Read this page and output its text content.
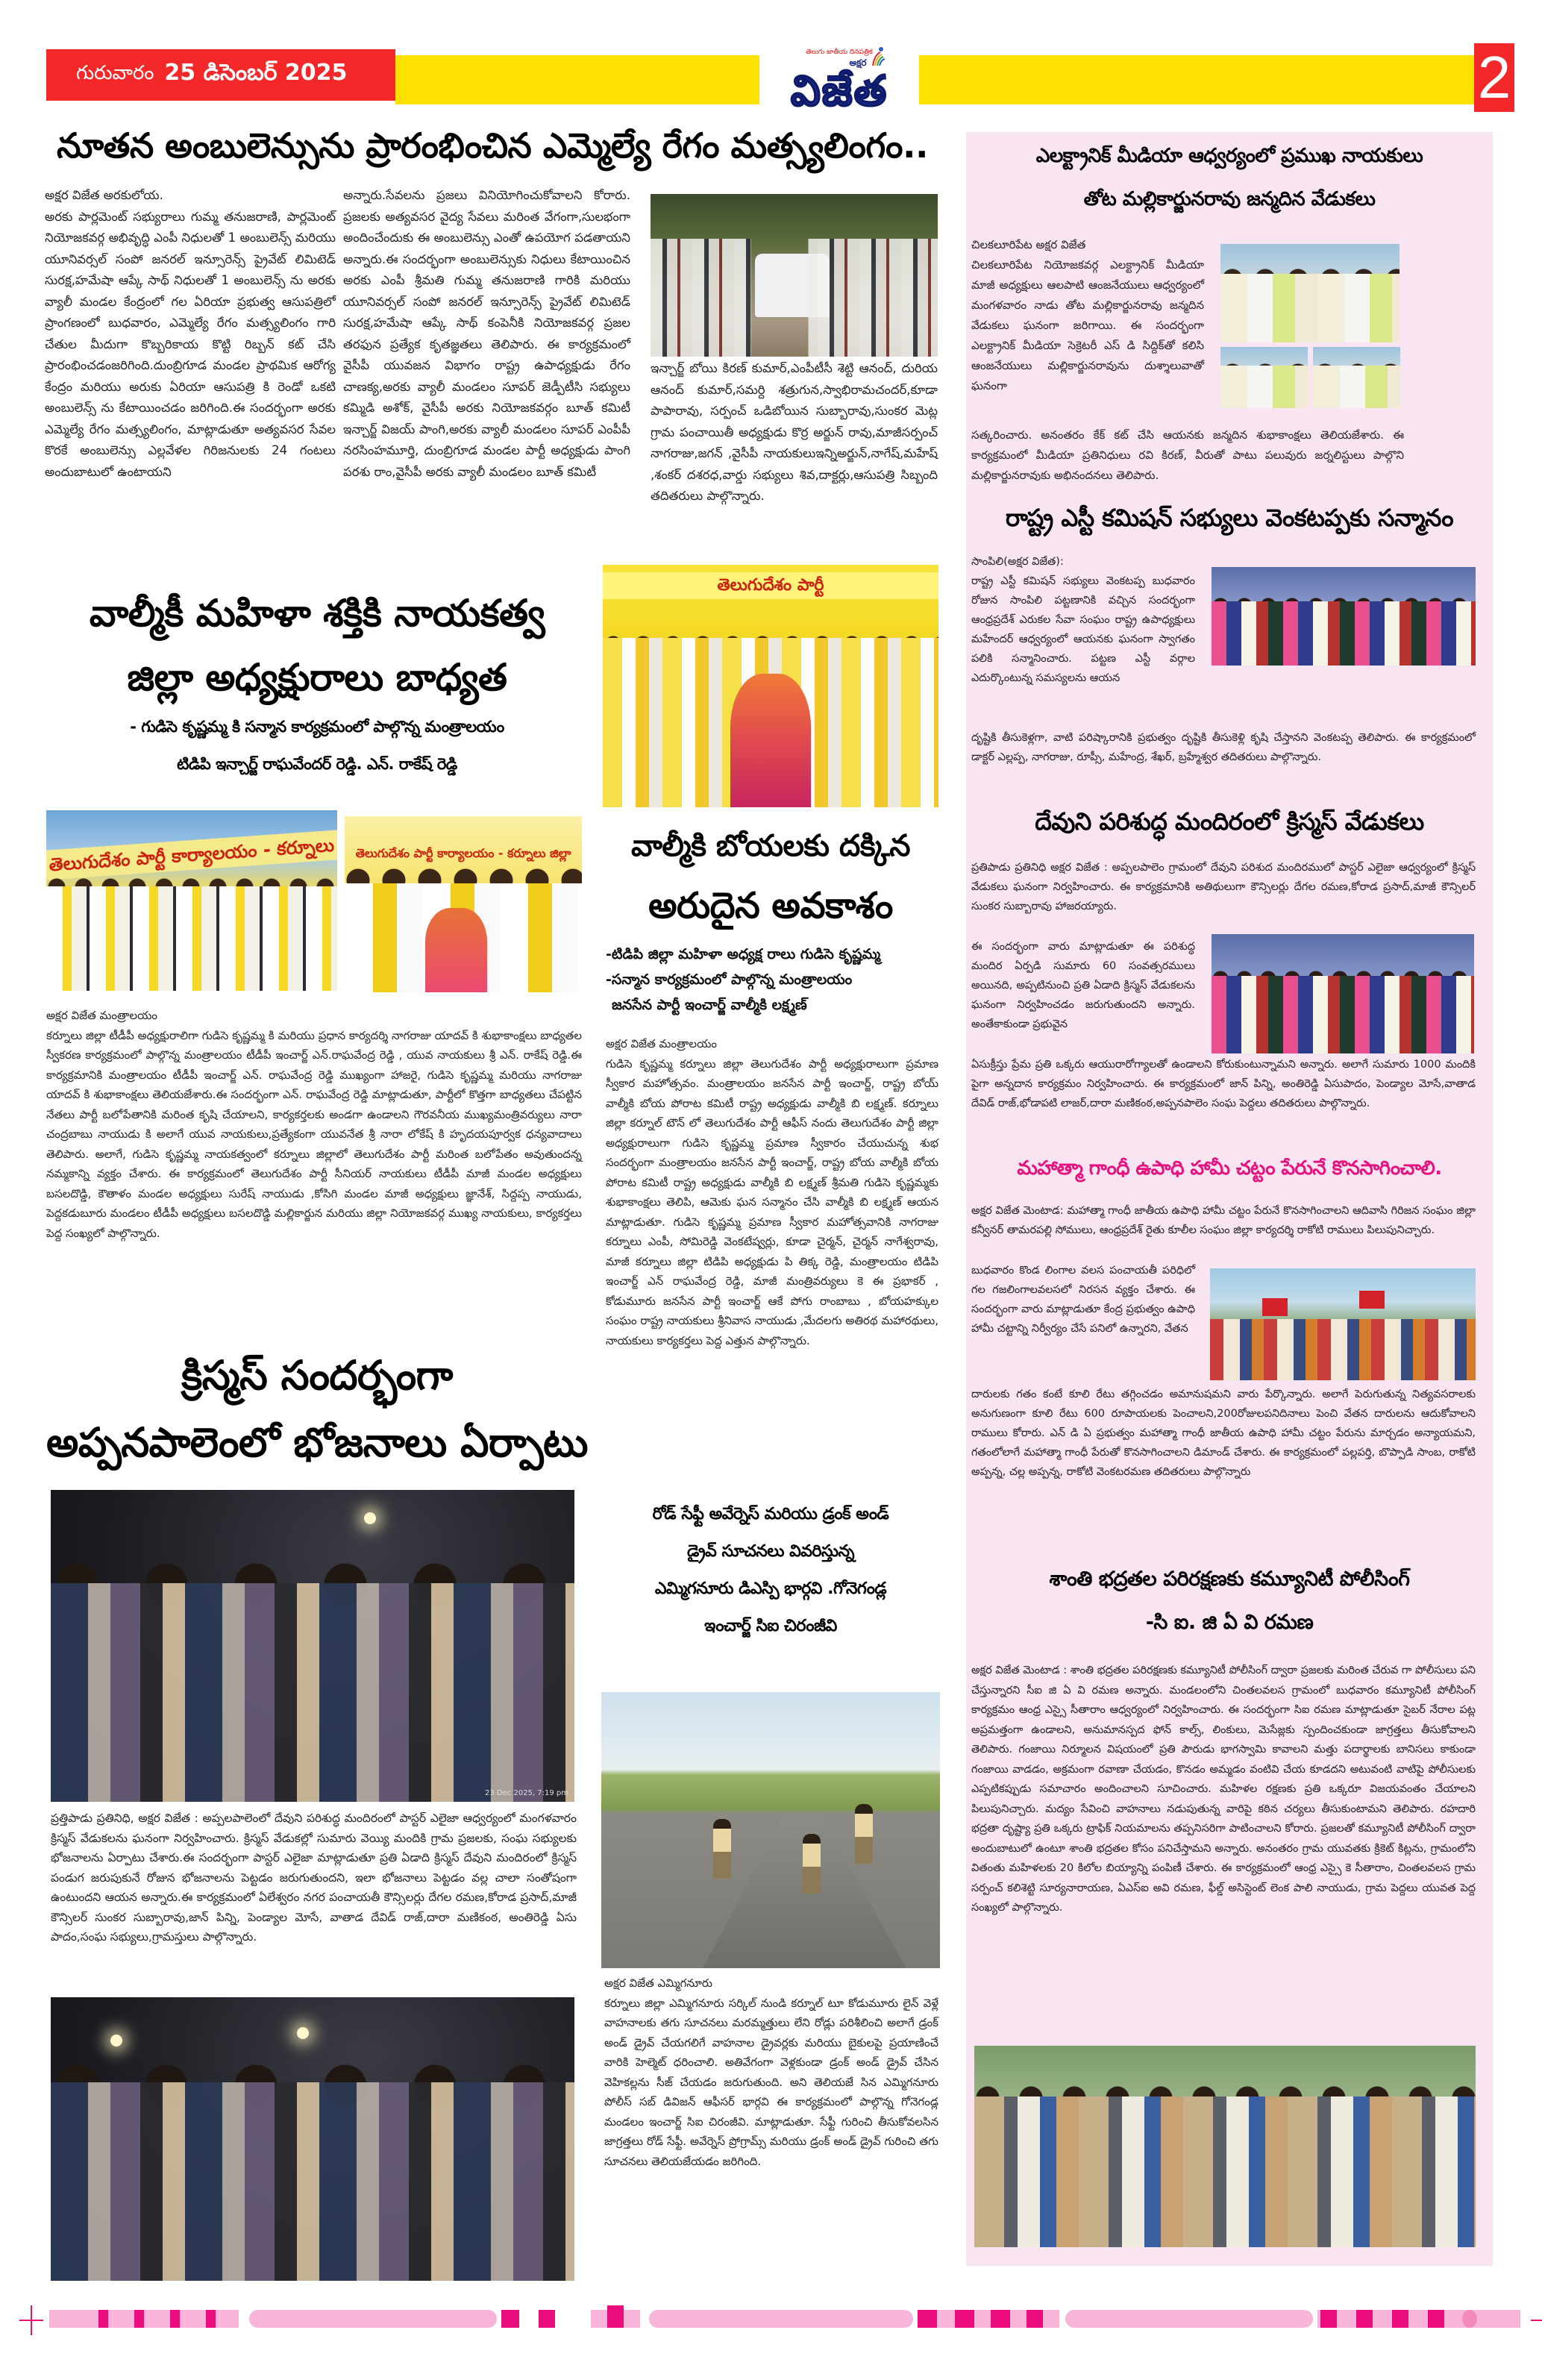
గురువారం 25 డిసెంబర్ 2025
తెలుగు జాతీయ దినపత్రిక
అక్షర
విజేత	2
నూతన అంబులెన్సును ప్రారంభించిన ఎమ్మెల్యే రేగం మత్స్యలింగం..
అక్షర విజేత అరకులోయ.

అరకు పార్లమెంట్ సభ్యురాలు గుమ్మ తనుజరాణి, పార్లమెంట్ నియోజకవర్గ అభివృద్ధి ఎంపీ నిధులతో 1 అంబులెన్స్ మరియు యూనివర్సల్ సంపో జనరల్ ఇన్సూరెన్స్ ప్రైవేట్ లిమిటెడ్ సురక్ష,హమేషా ఆప్కే సాథ్ నిధులతో 1 అంబులెన్స్ ను అరకు వ్యాలీ మండల కేంద్రంలో గల ఏరియా ప్రభుత్వ ఆసుపత్రిలో ప్రాంగణంలో బుధవారం, ఎమ్మెల్యే రేగం మత్స్యలింగం గారి చేతుల మీదుగా కొబ్బరికాయ కొట్టి రిబ్బన్ కట్ చేసి ప్రారంభించడంజరిగింది.దుంబ్రిగూడ మండల ప్రాథమిక ఆరోగ్య కేంద్రం మరియు అరుకు ఏరియా ఆసుపత్రి కి రెండో ఒకటి అంబులెన్స్ ను కేటాయించడం జరిగింది.ఈ సందర్భంగా అరకు ఎమ్మెల్యే రేగం మత్స్యలింగం, మాట్లాడుతూ అత్యవసర సేవల కొరకే అంబులెన్సు ఎల్లవేళల గిరిజనులకు 24 గంటలు అందుబాటులో ఉంటాయని

అన్నారు.సేవలను ప్రజలు వినియోగించుకోవాలని కోరారు. ప్రజలకు అత్యవసర వైద్య సేవలు మరింత వేగంగా,సులభంగా అందించేందుకు ఈ అంబులెన్సు ఎంతో ఉపయోగ పడతాయని అన్నారు.ఈ సందర్భంగా అంబులెన్సుకు నిధులు కేటాయించిన అరకు ఎంపీ శ్రీమతి గుమ్మ తనుజరాణి గారికి మరియు యూనివర్సల్ సంపో జనరల్ ఇన్సూరెన్స్ ప్రైవేట్ లిమిటెడ్ సురక్ష,హమేషా ఆప్కే సాథ్ కంపెనీకి నియోజకవర్గ ప్రజల తరఫున ప్రత్యేక కృతజ్ఞతలు తెలిపారు. ఈ కార్యక్రమంలో వైసీపీ యువజన విభాగం రాష్ట్ర ఉపాధ్యక్షుడు రేగం చాణక్య,అరకు వ్యాలీ మండలం సూపర్ జెడ్పీటీసి సభ్యులు కమ్మిడి అశోక్, వైసీపీ అరకు నియోజకవర్గం బూత్ కమిటీ ఇన్చార్జ్ విజయ్ పాంగి,అరకు వ్యాలీ మండలం సూపర్ ఎంపీపీ నరసింహమూర్తి, దుంబ్రిగూడ మండల పార్టీ అధ్యక్షుడు పాంగి పరశు రాం,వైసీపీ అరకు వ్యాలీ మండలం బూత్ కమిటీ

ఇన్చార్జ్ బోయి కిరణ్ కుమార్,ఎంపీటీసీ శెట్టి ఆనంద్, దురియ ఆనంద్ కుమార్,సమర్ది శత్రుగున,స్వాభిరామచందర్,కూడా పాపారావు, సర్పంచ్ ఒడిబోయిన సుబ్బారావు,సుంకర మెట్ల గ్రామ పంచాయితీ అధ్యక్షుడు కొర్ర అర్జున్ రావు,మాజీసర్పంచ్ నాగరాజు,జగన్ ,వైసీపీ నాయకులుఇన్నిఅర్జున్,నాగేష్,మహేష్ ,శంకర్ దశరధ,వార్డు సభ్యులు శివ,దాక్టర్లు,ఆసుపత్రి సిబ్బంది తదితరులు పాల్గొన్నారు.

వాల్మీకీ మహిళా శక్తికి నాయకత్వ
జిల్లా అధ్యక్షురాలు బాధ్యత
- గుడిసె కృష్ణమ్మ కి సన్మాన కార్యక్రమంలో పాల్గొన్న మంత్రాలయం
టిడిపి ఇన్చార్జ్ రాఘవేందర్ రెడ్డి. ఎన్. రాకేష్ రెడ్డి
తెలుగుదేశం పార్టీ కార్యాలయం - కర్నూలు	తెలుగుదేశం పార్టీ కార్యాలయం - కర్నూలు జిల్లా
అక్షర విజేత మంత్రాలయం

కర్నూలు జిల్లా టీడీపీ అధ్యక్షురాలిగా గుడిసె కృష్ణమ్మ కి మరియు ప్రధాన కార్యదర్శి నాగరాజు యాదవ్ కి శుభాకాంక్షలు బాధ్యతల స్వీకరణ కార్యక్రమంలో పాల్గొన్న మంత్రాలయం టీడీపీ ఇంచార్జ్ ఎన్.రాఘవేంద్ర రెడ్డి , యువ నాయకులు శ్రీ ఎన్. రాకేష్ రెడ్డి.ఈ కార్యక్రమానికి మంత్రాలయం టీడీపీ ఇంచార్జ్ ఎన్. రాఘవేంద్ర రెడ్డి ముఖ్యంగా హాజరై, గుడిసె కృష్ణమ్మ మరియు నాగరాజు యాదవ్ కి శుభాకాంక్షలు తెలియజేశారు.ఈ సందర్భంగా ఎన్. రాఘవేంద్ర రెడ్డి మాట్లాడుతూ, పార్టీలో కొత్తగా బాధ్యతలు చేపట్టిన నేతలు పార్టీ బలోపేతానికి మరింత కృషి చేయాలని, కార్యకర్తలకు అండగా ఉండాలని గౌరవనీయ ముఖ్యమంత్రివర్యులు నారా చంద్రబాబు నాయుడు కి అలాగే యువ నాయకులు,ప్రత్యేకంగా యువనేత శ్రీ నారా లోకేష్ కి హృదయపూర్వక ధన్యవాదాలు తెలిపారు. అలాగే, గుడిసె కృష్ణమ్మ నాయకత్వంలో కర్నూలు జిల్లాలో తెలుగుదేశం పార్టీ మరింత బలోపేతం అవుతుందన్న నమ్మకాన్ని వ్యక్తం చేశారు. ఈ కార్యక్రమంలో తెలుగుదేశం పార్టీ సీనియర్ నాయకులు టీడీపీ మాజీ మండల అధ్యక్షులు బసలదొడ్డి, కౌతాళం మండల అధ్యక్షులు సురేష్ నాయుడు ,కోసిగి మండల మాజీ అధ్యక్షులు జ్ఞానేశ్, సిద్దప్ప నాయుడు, పెద్దకడుబూరు మండలం టీడీపీ అధ్యక్షులు బసలదొడ్డి మల్లికార్జున మరియు జిల్లా నియోజకవర్గ ముఖ్య నాయకులు, కార్యకర్తలు పెద్ద సంఖ్యలో పాల్గొన్నారు.

క్రిస్మస్ సందర్భంగా
అప్పనపాలెంలో భోజనాలు ఏర్పాటు
23 Dec 2025, 7:19 pm

ప్రత్తిపాడు ప్రతినిధి, అక్షర విజేత : అప్పలపాలెంలో దేవుని పరిశుద్ధ మందిరంలో పాస్టర్ ఎలైజా ఆధ్వర్యంలో మంగళవారం క్రిస్మస్ వేడుకలను ఘనంగా నిర్వహించారు. క్రిస్మస్ వేడుకల్లో సుమారు వెయ్యి మందికి గ్రామ ప్రజలకు, సంఘ సభ్యులకు భోజనాలను ఏర్పాటు చేశారు.ఈ సందర్భంగా పాస్టర్ ఎలైజా మాట్లాడుతూ ప్రతి ఏడాది క్రిస్మస్ దేవుని మందిరంలో క్రిస్మస్ పండుగ జరుపుకునే రోజున భోజనాలను పెట్టడం జరుగుతుందని, ఇలా భోజనాలు పెట్టడం వల్ల చాలా సంతోషంగా ఉంటుందని ఆయన అన్నారు.ఈ కార్యక్రమంలో ఏలేశ్వరం నగర పంచాయతీ కౌన్సిలర్లు దేగల రమణ,కోరాడ ప్రసాద్,మాజీ కౌన్సిలర్ సుంకర సుబ్బారావు,జాన్ పిన్ని, పెండ్యాల మోసే, వాతాడ దేవిడ్ రాజ్,దారా మణికంఠ, అంతిరెడ్డి ఏసు పాదం,సంఘ సభ్యులు,గ్రామస్తులు పాల్గొన్నారు.

తెలుగుదేశం పార్టీ
వాల్మీకి బోయలకు దక్కిన
అరుదైన అవకాశం
-టిడిపి జిల్లా మహిళా అధ్యక్ష రాలు గుడిసె కృష్ణమ్మ
-సన్మాన కార్యక్రమంలో పాల్గొన్న మంత్రాలయం
జనసేన పార్టీ ఇంచార్జ్ వాల్మీకి లక్ష్మణ్
అక్షర విజేత మంత్రాలయం

గుడిసె కృష్ణమ్మ కర్నూలు జిల్లా తెలుగుదేశం పార్టీ అధ్యక్షురాలుగా ప్రమాణ స్వీకార మహోత్సవం. మంత్రాలయం జనసేన పార్టీ ఇంచార్జ్, రాష్ట్ర బోయ్ వాల్మీకి బోయ పోరాట కమిటీ రాష్ట్ర అధ్యక్షుడు వాల్మీకి బి లక్ష్మణ్. కర్నూలు జిల్లా కర్నూల్ టౌన్ లో తెలుగుదేశం పార్టీ ఆఫీస్ నందు తెలుగుదేశం పార్టీ జిల్లా అధ్యక్షురాలుగా గుడిసె కృష్ణమ్మ ప్రమాణ స్వీకారం చేయుచున్న శుభ సందర్భంగా మంత్రాలయం జనసేన పార్టీ ఇంచార్జ్, రాష్ట్ర బోయ వాల్మీకి బోయ పోరాట కమిటీ రాష్ట్ర అధ్యక్షుడు వాల్మీకి బి లక్ష్మణ్ శ్రీమతి గుడిసె కృష్ణమ్మకు శుభాకాంక్షలు తెలిపి, ఆమెకు ఘన సన్మానం చేసి వాల్మీకి బి లక్ష్మణ్ ఆయన మాట్లాడుతూ. గుడిసె కృష్ణమ్మ ప్రమాణ స్వీకార మహోత్సవానికి నాగరాజు కర్నూలు ఎంపీ, సోమిరెడ్డి వెంకటేష్వర్లు, కూడా చైర్మన్, చైర్మన్ నాగేశ్వరావు, మాజీ కర్నూలు జిల్లా టిడిపి అధ్యక్షుడు పి తిక్క రెడ్డి, మంత్రాలయం టిడిపి ఇంచార్జ్ ఎన్ రాఘవేంద్ర రెడ్డి, మాజీ మంత్రివర్యులు కె ఈ ప్రభాకర్ , కోడుమూరు జనసేన పార్టీ ఇంచార్జ్ ఆకే పోగు రాంబాబు , బోయహక్కుల సంఘం రాష్ట్ర నాయకులు శ్రీనివాస నాయుడు ,మేదలగు అతిరథ మహారథులు, నాయకులు కార్యకర్తలు పెద్ద ఎత్తున పాల్గొన్నారు.

రోడ్ సేఫ్టీ అవేర్నెస్ మరియు డ్రంక్ అండ్
డ్రైవ్ సూచనలు వివరిస్తున్న
ఎమ్మిగనూరు డిఎస్పి భార్గవి .గోనెగండ్ల
ఇంచార్జ్ సిఐ చిరంజీవి
అక్షర విజేత ఎమ్మిగనూరు

కర్నూలు జిల్లా ఎమ్మిగనూరు సర్కిల్ నుండి కర్నూల్ టూ కోడుమూరు లైన్ వెళ్లే వాహనాలకు తగు సూచనలు మరమ్మత్తులు లేని రోడ్లు పరిశీలించి అలాగే డ్రంక్ అండ్ డ్రైవ్ చేయగలిగే వాహనాల డ్రైవర్లకు మరియు బైకులపై ప్రయాణించే వారికి హెల్మెట్ ధరించాలి. అతివేగంగా వెళ్లకుండా డ్రంక్ అండ్ డ్రైవ్ చేసిన వెహికల్లను సీజ్ చేయడం జరుగుతుంది. అని తెలియజే సిన ఎమ్మిగనూరు పోలీస్ సబ్ డివిజన్ ఆఫీసర్ భార్గవి ఈ కార్యక్రమంలో పాల్గొన్న గోనెగండ్ల మండలం ఇంచార్జ్ సిఐ చిరంజీవి. మాట్లాడుతూ. సేఫ్టీ గురించి తీసుకోవలసిన జాగ్రత్తలు రోడ్ సేఫ్టీ. అవేర్నెస్ ప్రోగ్రామ్స్ మరియు డ్రంక్ అండ్ డ్రైవ్ గురించి తగు సూచనలు తెలియజేయడం జరిగింది.

ఎలక్ట్రానిక్ మీడియా ఆధ్వర్యంలో ప్రముఖ నాయకులు
తోట మల్లికార్జునరావు జన్మదిన వేడుకలు
చిలకలూరిపేట అక్షర విజేత

చిలకలూరిపేట నియోజకవర్గ ఎలక్ట్రానిక్ మీడియా మాజీ అధ్యక్షులు ఆలపాటి ఆంజనేయులు ఆధ్వర్యంలో మంగళవారం నాడు తోట మల్లికార్జునరావు జన్మదిన వేడుకలు ఘనంగా జరిగాయి. ఈ సందర్భంగా ఎలక్ట్రానిక్ మీడియా సెక్రెటరీ ఎస్ డి సిద్దిక్‌తో కలిసి ఆంజనేయులు మల్లికార్జునరావును దుశ్శాలువాతో ఘనంగా

సత్కరించారు. అనంతరం కేక్ కట్ చేసి ఆయనకు జన్మదిన శుభాకాంక్షలు తెలియజేశారు. ఈ కార్యక్రమంలో మీడియా ప్రతినిధులు రవి కిరణ్, వీరుతో పాటు పలువురు జర్నలిస్టులు పాల్గొని మల్లికార్జునరావుకు అభినందనలు తెలిపారు.

రాష్ట్ర ఎస్టీ కమిషన్ సభ్యులు వెంకటప్పకు సన్మానం
సాంపిలి(అక్షర విజేత):

రాష్ట్ర ఎస్టీ కమిషన్ సభ్యులు వెంకటప్ప బుధవారం రోజున సాంపిలి పట్టణానికి వచ్చిన సందర్భంగా ఆంధ్రప్రదేశ్ ఎరుకల సేవా సంఘం రాష్ట్ర ఉపాధ్యక్షులు మహేందర్ ఆధ్వర్యంలో ఆయనకు ఘనంగా స్వాగతం పలికి సన్మానించారు. పట్టణ ఎస్టీ వర్గాల ఎదుర్కొంటున్న సమస్యలను ఆయన

దృష్టికి తీసుకెళ్లగా, వాటి పరిష్కారానికి ప్రభుత్వం దృష్టికి తీసుకెళ్లి కృషి చేస్తానని వెంకటప్ప తెలిపారు. ఈ కార్యక్రమంలో డాక్టర్ ఎల్లప్ప, నాగరాజు, రూప్సీ, మహేంద్ర, శేఖర్, బ్రహ్మేశ్వర తదితరులు పాల్గొన్నారు.

దేవుని పరిశుద్ధ మందిరంలో క్రిస్మస్ వేడుకలు

ప్రతిపాడు ప్రతినిధి అక్షర విజేత : అప్పలపాలెం గ్రామంలో దేవుని పరిశుద మందిరములో పాస్టర్ ఎలైజా ఆధ్వర్యంలో క్రిస్మస్ వేడుకలు ఘనంగా నిర్వహించారు. ఈ కార్యక్రమానికి అతిథులుగా కౌన్సిలర్లు దేగల రమణ,కోరాడ ప్రసాద్,మాజీ కౌన్సిలర్ సుంకర సుబ్బారావు హాజరయ్యారు.

ఈ సందర్భంగా వారు మాట్లాడుతూ ఈ పరిశుద్ధ మందిర ఏర్పడి సుమారు 60 సంవత్సరములు అయినది, అప్పటినుంచి ప్రతి ఏడాది క్రిస్మస్ వేడుకలను ఘనంగా నిర్వహించడం జరుగుతుందని అన్నారు. అంతేకాకుండా ప్రభువైన

ఏసుక్రీస్తు ప్రేమ ప్రతి ఒక్కరు ఆయురారోగ్యాలతో ఉండాలని కోరుకుంటున్నామని అన్నారు. అలాగే సుమారు 1000 మందికి పైగా అన్నదాన కార్యక్రమం నిర్వహించారు. ఈ కార్యక్రమంలో జాన్ పిన్ని, అంతిరెడ్డి ఏసుపాదం, పెండ్యాల మోసే,వాతాడ దేవిడ్ రాజ్,భోడాపటి లాజర్,దారా మణికంఠ,అప్పనపాలెం సంఘ పెద్దలు తదితరులు పాల్గొన్నారు.

మహాత్మా గాంధీ ఉపాధి హామీ చట్టం పేరునే కొనసాగించాలి.

అక్షర విజేత మెంటాడ: మహాత్మా గాంధీ జాతీయ ఉపాధి హామీ చట్టం పేరునే కొనసాగించాలని ఆదివాసి గిరిజన సంఘం జిల్లా కన్వీనర్ తామరపల్లి సోములు, ఆంధ్రప్రదేశ్ రైతు కూలీల సంఘం జిల్లా కార్యదర్శి రాకోటి రాములు పిలుపునిచ్చారు.

బుధవారం కొండ లింగాల వలస పంచాయతీ పరిధిలో గల గజలింగాలవలసలో నిరసన వ్యక్తం చేశారు. ఈ సందర్భంగా వారు మాట్లాడుతూ కేంద్ర ప్రభుత్వం ఉపాధి హామీ చట్టాన్ని నిర్వీర్యం చేసే పనిలో ఉన్నారని, వేతన

దారులకు గతం కంటే కూలి రేటు తగ్గించడం అమానుషమని వారు పేర్కొన్నారు. అలాగే పెరుగుతున్న నిత్యవసరాలకు అనుగుణంగా కూలి రేటు 600 రూపాయలకు పెంచాలని,200రోజులపనిదినాలు పెంచి వేతన దారులను ఆదుకోవాలని రాములు కోరారు. ఎన్ డి ఏ ప్రభుత్వం మహాత్మా గాంధీ జాతీయ ఉపాధి హామీ చట్టం పేరును మార్చడం అన్యాయమని, గతంలోలాగే మహాత్మా గాంధీ పేరుతో కొనసాగించాలని డిమాండ్ చేశారు. ఈ కార్యక్రమంలో పల్లపర్తి, బొప్పాడి సాంబ, రాకోటి అప్పన్న, చల్ల అప్పన్న, రాకోటి వెంకటరమణ తదితరులు పాల్గొన్నారు

శాంతి భద్రతల పరిరక్షణకు కమ్యూనిటీ పోలీసింగ్
-సి ఐ. జి ఏ వి రమణ

అక్షర విజేత మెంటాడ : శాంతి భద్రతల పరిరక్షణకు కమ్యూనిటీ పోలీసింగ్ ద్వారా ప్రజలకు మరింత చేరువ గా పోలీసులు పని చేస్తున్నారని సీఐ జి ఏ వి రమణ అన్నారు. మండలంలోని చింతలవలస గ్రామంలో బుధవారం కమ్యూనిటీ పోలీసింగ్ కార్యక్రమం ఆంధ్ర ఎస్సై సీతారాం ఆధ్వర్యంలో నిర్వహించారు. ఈ సందర్భంగా సిఐ రమణ మాట్లాడుతూ సైబర్ నేరాల పట్ల అప్రమత్తంగా ఉండాలని, అనుమానస్పద ఫోన్ కాల్స్, లింకులు, మెసేజ్లకు స్పందించకుండా జాగ్రత్తలు తీసుకోవాలని తెలిపారు. గంజాయి నిర్మూలన విషయంలో ప్రతి పౌరుడు భాగస్వామి కావాలని మత్తు పదార్థాలకు బానిసలు కాకుండా గంజాయి వాడడం, అక్రమంగా రవాణా చేయడం, కొనడం అమ్మడం వంటివి చేయ కూడదని అటువంటి వాటిపై పోలీసులకు ఎప్పటికప్పుడు సమాచారం అందించాలని సూచించారు. మహిళల రక్షణకు ప్రతి ఒక్కరూ విజయవంతం చేయాలని పిలుపునిచ్చారు. మద్యం సేవించి వాహనాలు నడుపుతున్న వారిపై కఠిన చర్యలు తీసుకుంటామని తెలిపారు. రహదారి భద్రతా దృష్ట్యా ప్రతి ఒక్కరు ట్రాఫిక్ నియమాలను తప్పనిసరిగా పాటించాలని కోరారు. ప్రజలతో కమ్యూనిటీ పోలీసింగ్ ద్వారా అందుబాటులో ఉంటూ శాంతి భద్రతల కోసం పనిచేస్తామని అన్నారు. అనంతరం గ్రామ యువతకు క్రికెట్ కిట్లను, గ్రామంలోని వితంతు మహిళలకు 20 కిలోల బియ్యాన్ని పంపిణీ చేశారు. ఈ కార్యక్రమంలో ఆంధ్ర ఎస్సై కె సీతారాం, చింతలవలస గ్రామ సర్పంచ్ కలిశెట్టి సూర్యనారాయణ, ఏఎస్ఐ అవి రమణ, ఫీల్డ్ అసిస్టెంట్ లెంక పాలి నాయుడు, గ్రామ పెద్దలు యువత పెద్ద సంఖ్యలో పాల్గొన్నారు.
